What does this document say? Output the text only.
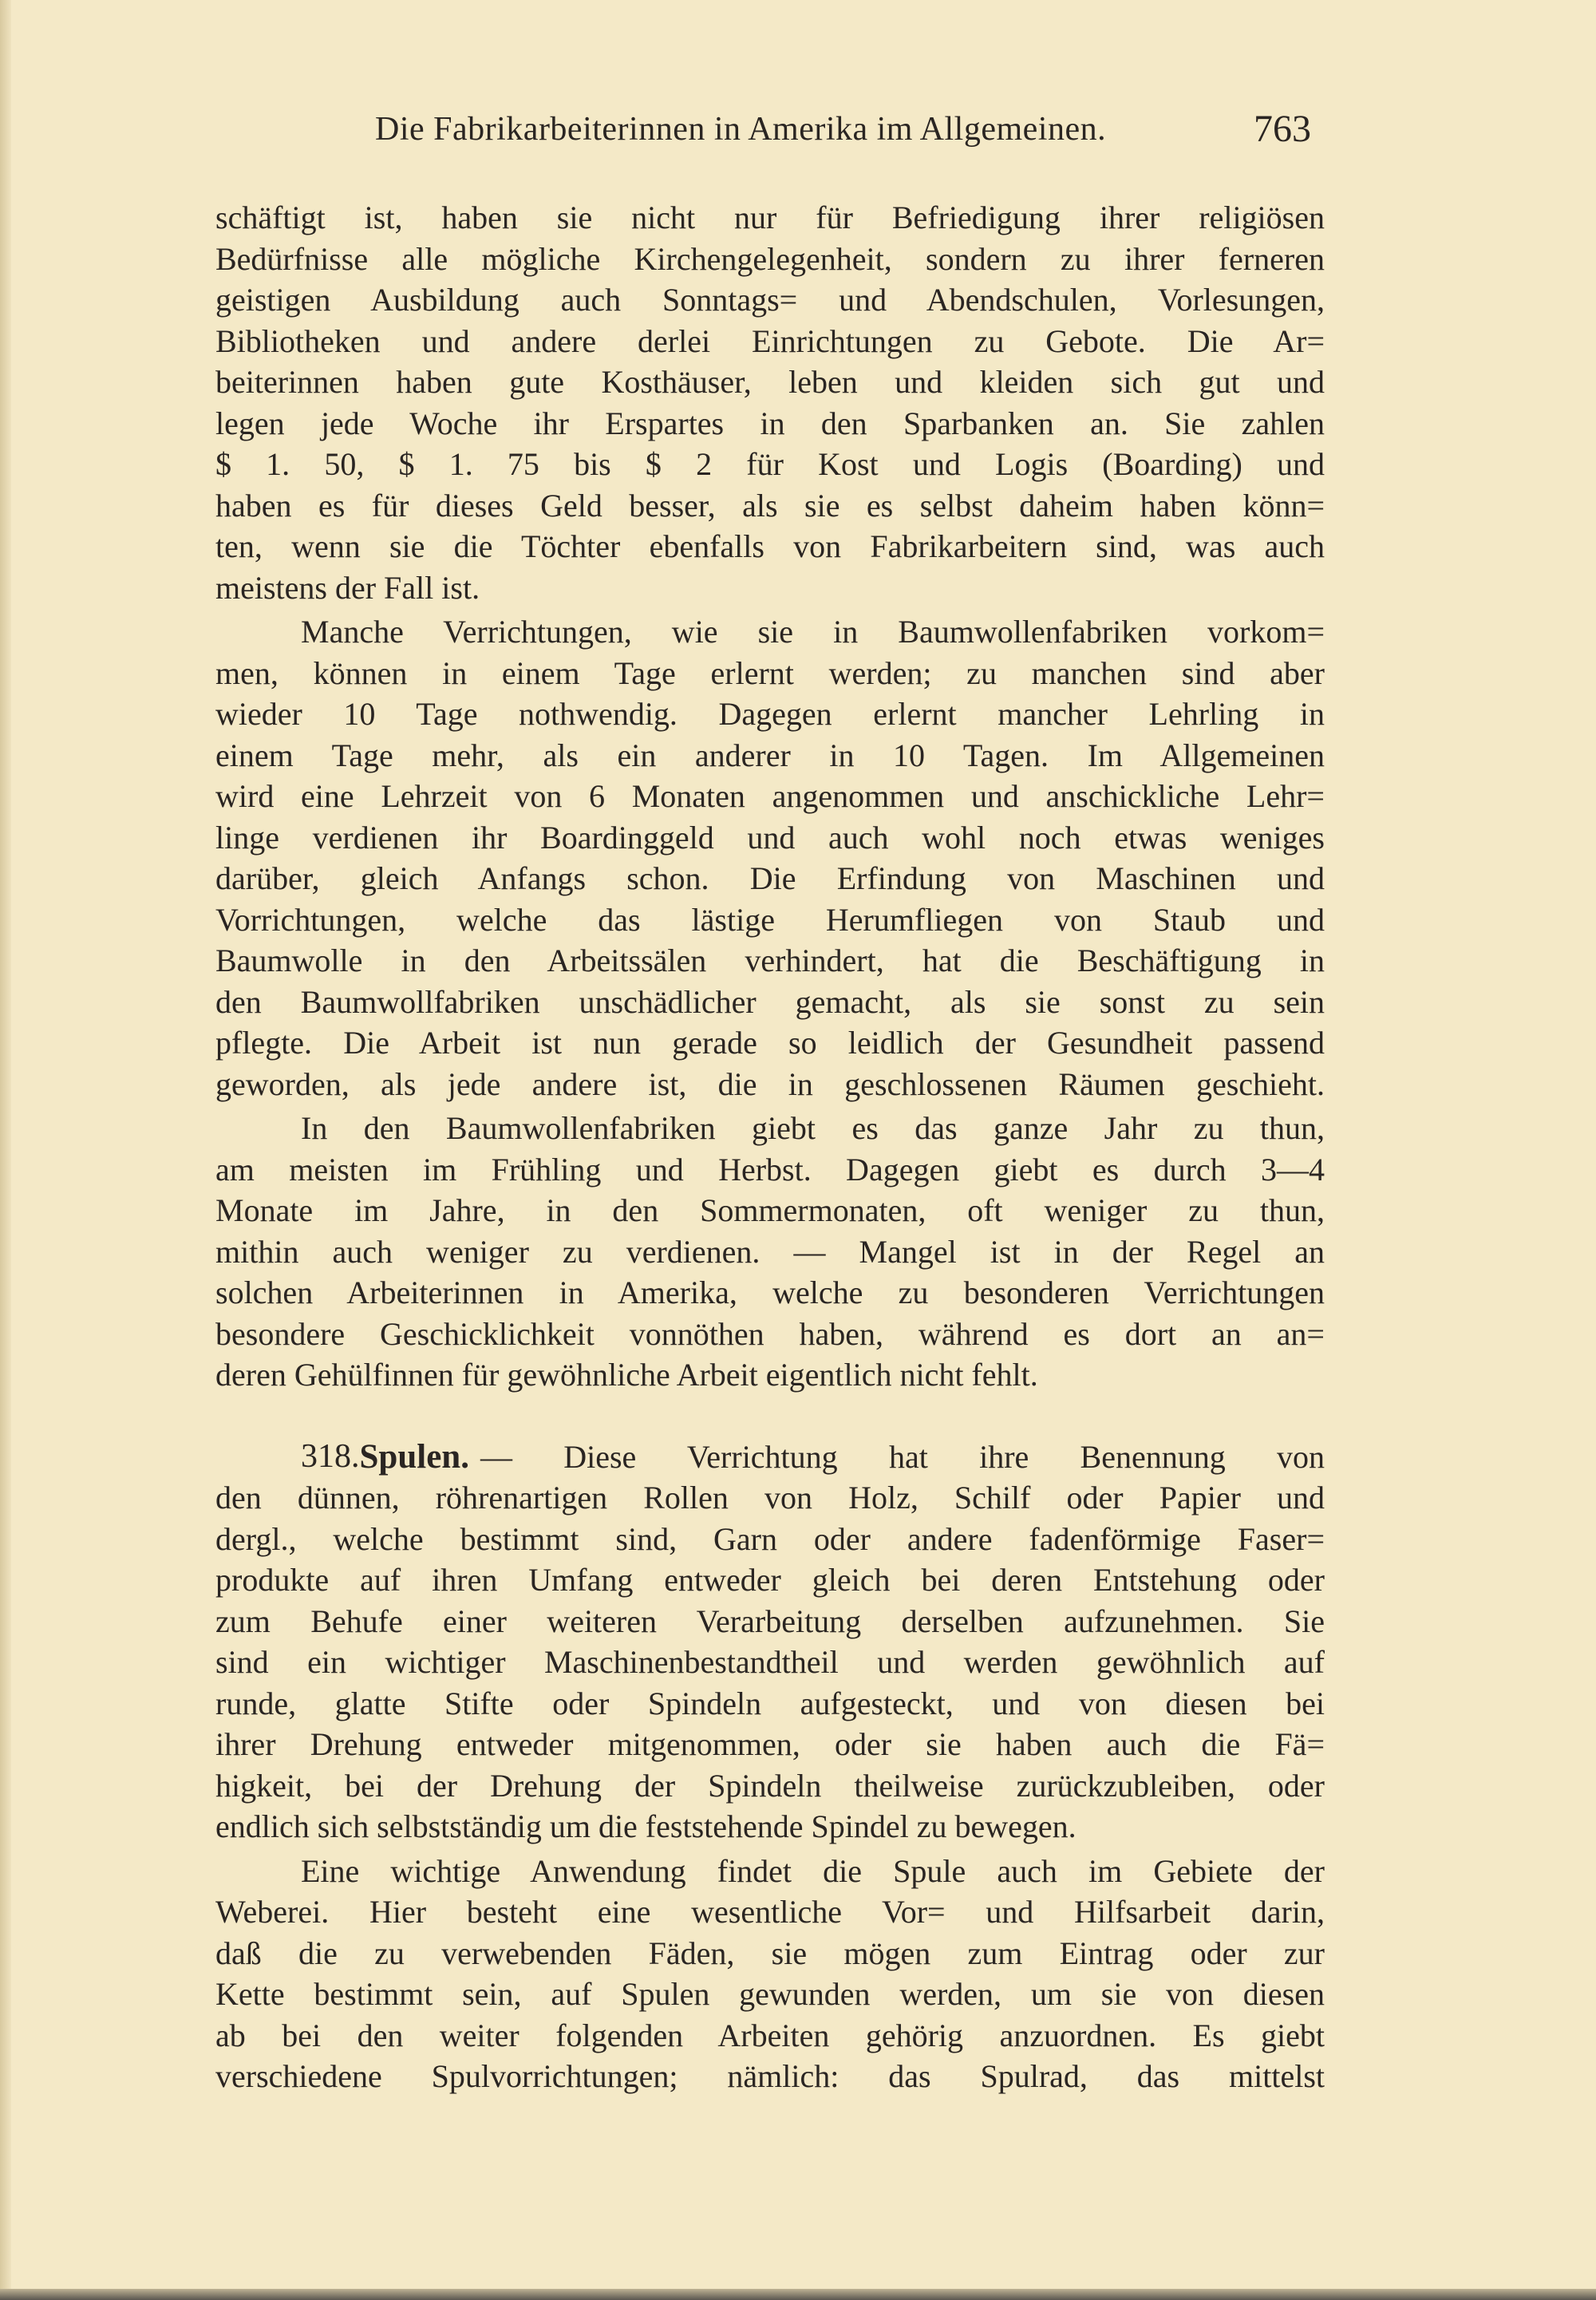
Die Fabrikarbeiterinnen in Amerika im Allgemeinen.	763
schäftigt ist, haben sie nicht nur für Befriedigung ihrer religiösen
Bedürfnisse alle mögliche Kirchengelegenheit, sondern zu ihrer ferneren
geistigen Ausbildung auch Sonntags= und Abendschulen, Vorlesungen,
Bibliotheken und andere derlei Einrichtungen zu Gebote. Die Ar=
beiterinnen haben gute Kosthäuser, leben und kleiden sich gut und
legen jede Woche ihr Erspartes in den Sparbanken an. Sie zahlen
$ 1. 50, $ 1. 75 bis $ 2 für Kost und Logis (Boarding) und
haben es für dieses Geld besser, als sie es selbst daheim haben könn=
ten, wenn sie die Töchter ebenfalls von Fabrikarbeitern sind, was auch
meistens der Fall ist.
Manche Verrichtungen, wie sie in Baumwollenfabriken vorkom=
men, können in einem Tage erlernt werden; zu manchen sind aber
wieder 10 Tage nothwendig. Dagegen erlernt mancher Lehrling in
einem Tage mehr, als ein anderer in 10 Tagen. Im Allgemeinen
wird eine Lehrzeit von 6 Monaten angenommen und anschickliche Lehr=
linge verdienen ihr Boardinggeld und auch wohl noch etwas weniges
darüber, gleich Anfangs schon. Die Erfindung von Maschinen und
Vorrichtungen, welche das lästige Herumfliegen von Staub und
Baumwolle in den Arbeitssälen verhindert, hat die Beschäftigung in
den Baumwollfabriken unschädlicher gemacht, als sie sonst zu sein
pflegte. Die Arbeit ist nun gerade so leidlich der Gesundheit passend
geworden, als jede andere ist, die in geschlossenen Räumen geschieht.
In den Baumwollenfabriken giebt es das ganze Jahr zu thun,
am meisten im Frühling und Herbst. Dagegen giebt es durch 3—4
Monate im Jahre, in den Sommermonaten, oft weniger zu thun,
mithin auch weniger zu verdienen. — Mangel ist in der Regel an
solchen Arbeiterinnen in Amerika, welche zu besonderen Verrichtungen
besondere Geschicklichkeit vonnöthen haben, während es dort an an=
deren Gehülfinnen für gewöhnliche Arbeit eigentlich nicht fehlt.
318. Spulen. — Diese Verrichtung hat ihre Benennung von
den dünnen, röhrenartigen Rollen von Holz, Schilf oder Papier und
dergl., welche bestimmt sind, Garn oder andere fadenförmige Faser=
produkte auf ihren Umfang entweder gleich bei deren Entstehung oder
zum Behufe einer weiteren Verarbeitung derselben aufzunehmen. Sie
sind ein wichtiger Maschinenbestandtheil und werden gewöhnlich auf
runde, glatte Stifte oder Spindeln aufgesteckt, und von diesen bei
ihrer Drehung entweder mitgenommen, oder sie haben auch die Fä=
higkeit, bei der Drehung der Spindeln theilweise zurückzubleiben, oder
endlich sich selbstständig um die feststehende Spindel zu bewegen.
Eine wichtige Anwendung findet die Spule auch im Gebiete der
Weberei. Hier besteht eine wesentliche Vor= und Hilfsarbeit darin,
daß die zu verwebenden Fäden, sie mögen zum Eintrag oder zur
Kette bestimmt sein, auf Spulen gewunden werden, um sie von diesen
ab bei den weiter folgenden Arbeiten gehörig anzuordnen. Es giebt
verschiedene Spulvorrichtungen; nämlich: das Spulrad, das mittelst
